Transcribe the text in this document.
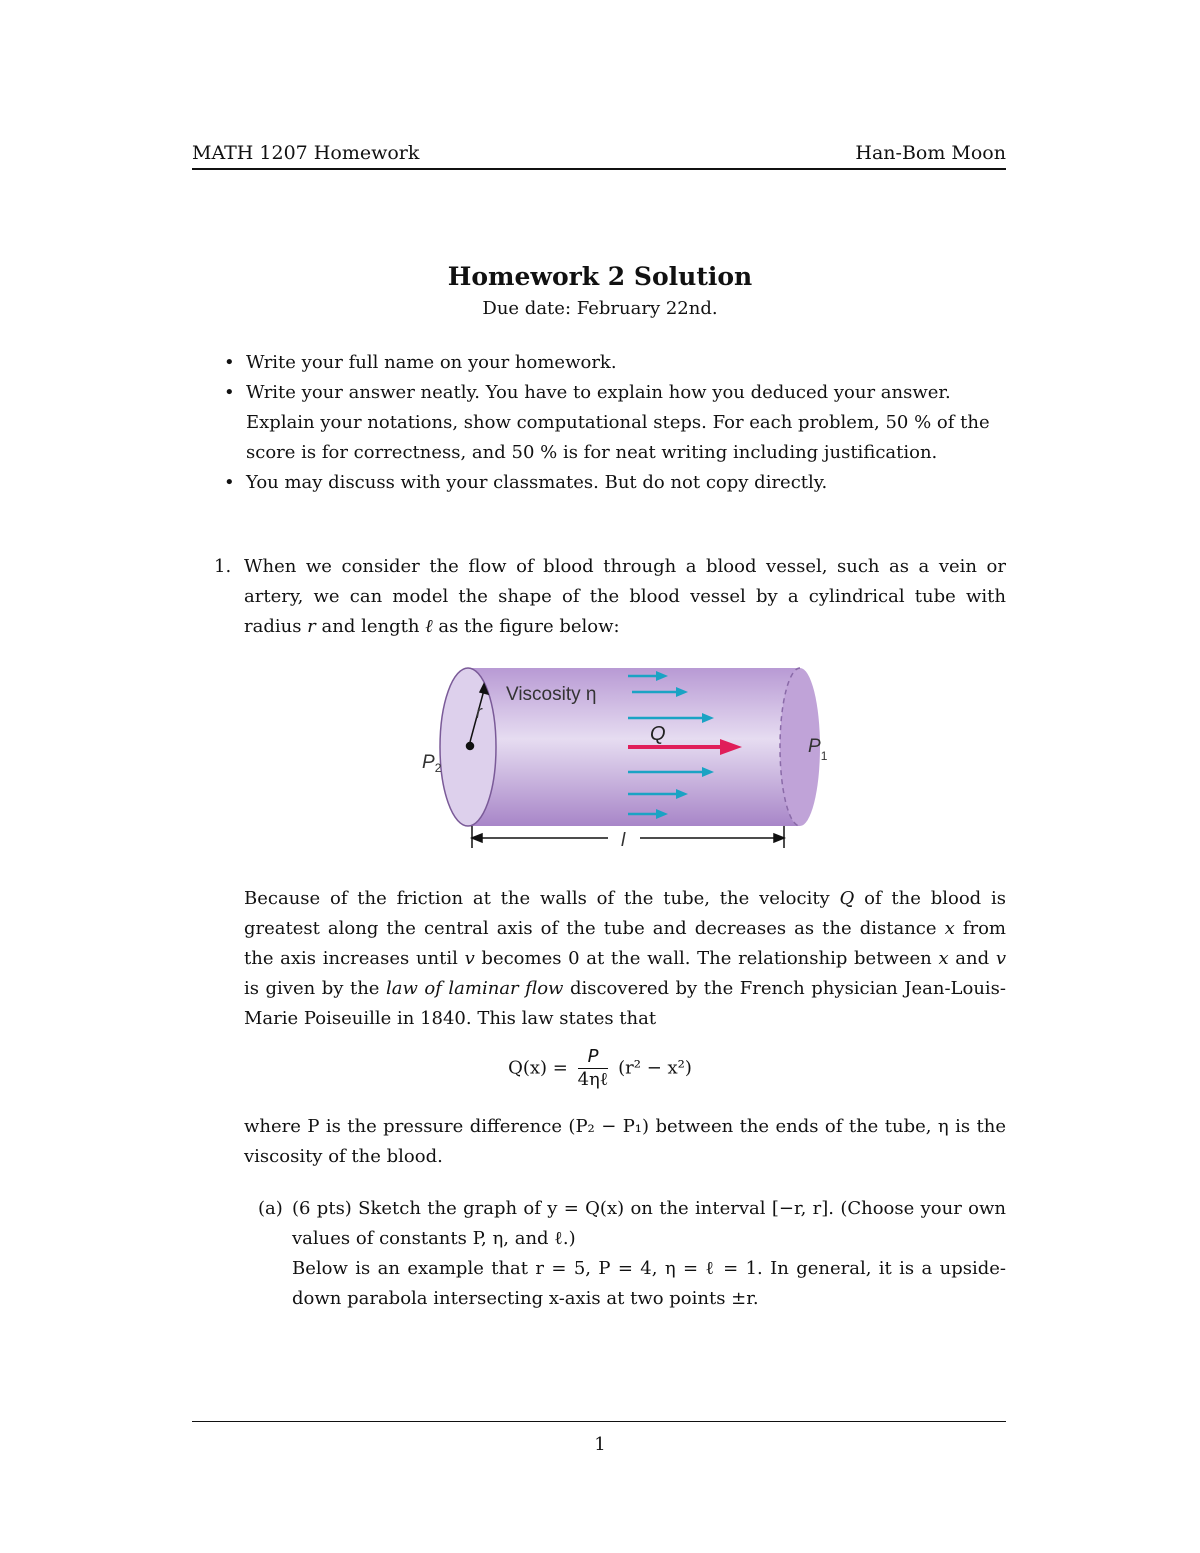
MATH 1207 Homework	Han-Bom Moon
Homework 2 Solution
Due date: February 22nd.
• Write your full name on your homework.
• Write your answer neatly. You have to explain how you deduced your answer. Explain your notations, show computational steps. For each problem, 50 % of the score is for correctness, and 50 % is for neat writing including justification.
• You may discuss with your classmates. But do not copy directly.
1. When we consider the flow of blood through a blood vessel, such as a vein or artery, we can model the shape of the blood vessel by a cylindrical tube with radius r and length ℓ as the figure below:
Viscosity η
r
Q
$P_2$
$P_1$
l
Because of the friction at the walls of the tube, the velocity Q of the blood is greatest along the central axis of the tube and decreases as the distance x from the axis increases until v becomes 0 at the wall. The relationship between x and v is given by the law of laminar flow discovered by the French physician Jean-Louis-Marie Poiseuille in 1840. This law states that
$Q(x) = \frac{P}{\text{4ηℓ}} (r^2 - x^2)$
where P is the pressure difference (P₂ − P₁) between the ends of the tube, η is the viscosity of the blood.
(a) (6 pts) Sketch the graph of y = Q(x) on the interval [−r, r]. (Choose your own values of constants P, η, and ℓ.)
Below is an example that r = 5, P = 4, η = ℓ = 1. In general, it is a upside-down parabola intersecting x-axis at two points ±r.
1
